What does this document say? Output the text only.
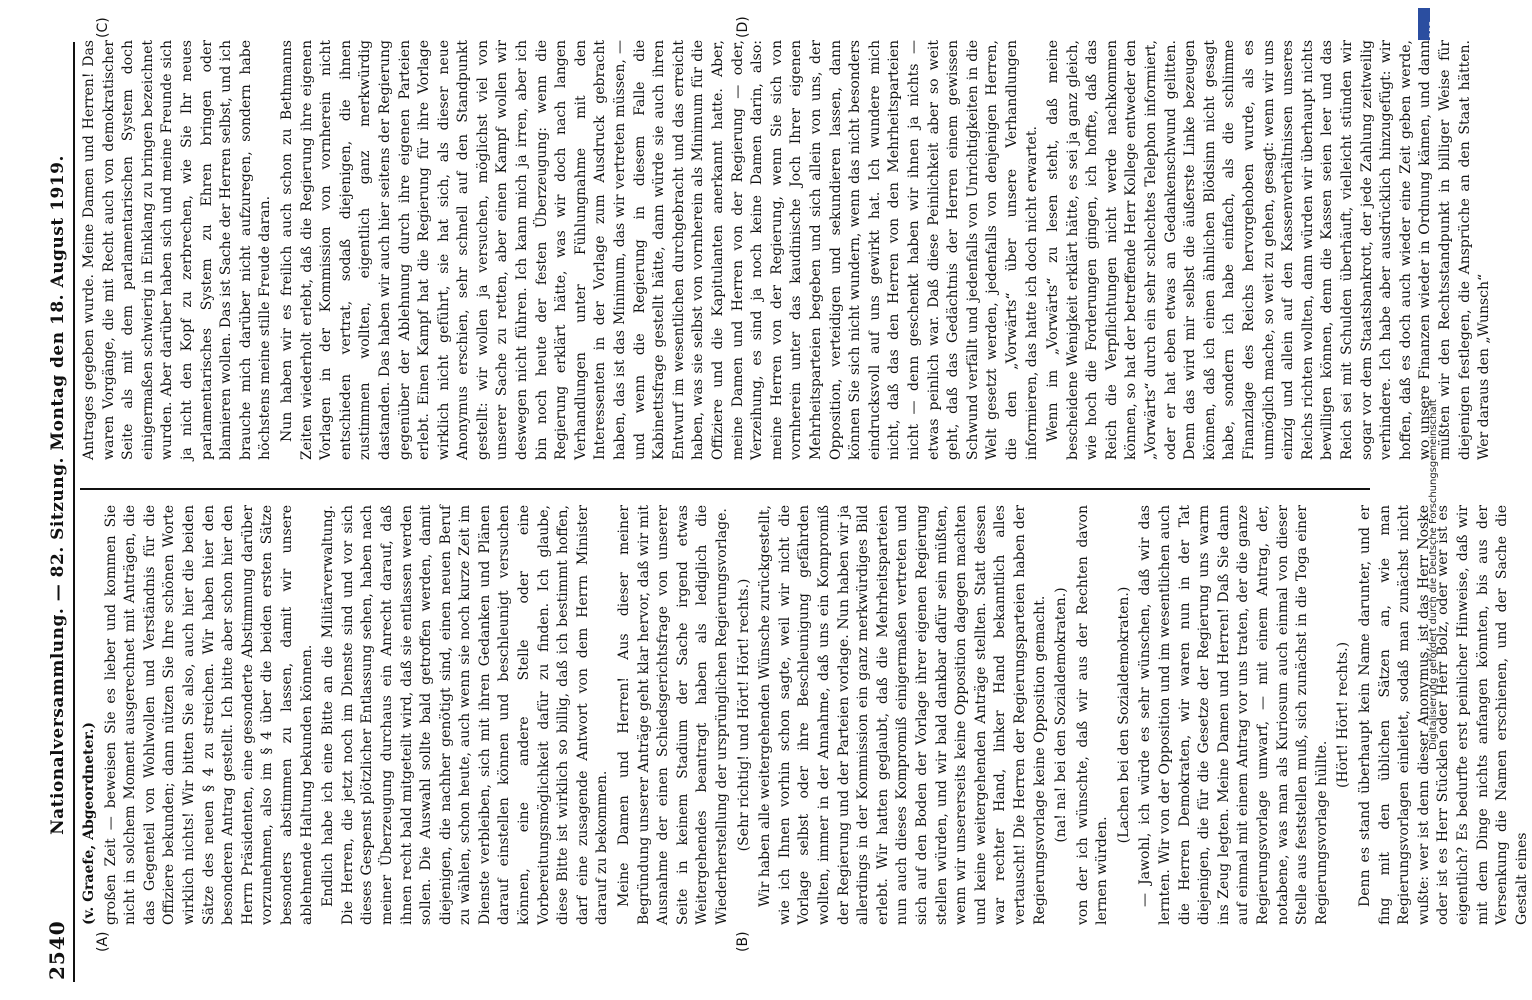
2540
Nationalversammlung. — 82. Sitzung. Montag den 18. August 1919.
(A)	(B)
(C)	(D)

(v. Graefe, Abgeordneter.) großen Zeit — beweisen Sie es lieber und kommen Sie nicht in solchem Moment ausgerechnet mit Anträgen, die das Gegenteil von Wohlwollen und Verständnis für die Offiziere bekunden; dann nützen Sie Ihre schönen Worte wirklich nichts! Wir bitten Sie also, auch hier die beiden Sätze des neuen § 4 zu streichen. Wir haben hier den besonderen Antrag gestellt. Ich bitte aber schon hier den Herrn Präsidenten, eine gesonderte Abstimmung darüber vorzunehmen, also im § 4 über die beiden ersten Sätze besonders abstimmen zu lassen, damit wir unsere ablehnende Haltung bekunden können. Endlich habe ich eine Bitte an die Militärverwaltung. Die Herren, die jetzt noch im Dienste sind und vor sich dieses Gespenst plötzlicher Entlassung sehen, haben nach meiner Überzeugung durchaus ein Anrecht darauf, daß ihnen recht bald mitgeteilt wird, daß sie entlassen werden sollen. Die Auswahl sollte bald getroffen werden, damit diejenigen, die nachher genötigt sind, einen neuen Beruf zu wählen, schon heute, auch wenn sie noch kurze Zeit im Dienste verbleiben, sich mit ihren Gedanken und Plänen darauf einstellen können und beschleunigt versuchen können, eine andere Stelle oder eine Vorbereitungsmöglichkeit dafür zu finden. Ich glaube, diese Bitte ist wirklich so billig, daß ich bestimmt hoffen, darf eine zusagende Antwort von dem Herrn Minister darauf zu bekommen. Meine Damen und Herren! Aus dieser meiner Begründung unserer Anträge geht klar hervor, daß wir mit Ausnahme der einen Schiedsgerichtsfrage von unserer Seite in keinem Stadium der Sache irgend etwas Weitergehendes beantragt haben als lediglich die Wiederherstellung der ursprünglichen Regierungsvorlage. (Sehr richtig! und Hört! Hört! rechts.) Wir haben alle weitergehenden Wünsche zurückgestellt, wie ich Ihnen vorhin schon sagte, weil wir nicht die Vorlage selbst oder ihre Beschleunigung gefährden wollten, immer in der Annahme, daß uns ein Kompromiß der Regierung und der Parteien vorlage. Nun haben wir ja allerdings in der Kommission ein ganz merkwürdiges Bild erlebt. Wir hatten geglaubt, daß die Mehrheitsparteien nun auch dieses Kompromiß einigermaßen vertreten und sich auf den Boden der Vorlage ihrer eigenen Regierung stellen würden, und wir bald dankbar dafür sein müßten, wenn wir unsererseits keine Opposition dagegen machten und keine weitergehenden Anträge stellten. Statt dessen war rechter Hand, linker Hand bekanntlich alles vertauscht! Die Herren der Regierungsparteien haben der Regierungsvorlage keine Opposition gemacht. (na! na! bei den Sozialdemokraten.) von der ich wünschte, daß wir aus der Rechten davon lernen würden.

(Lachen bei den Sozialdemokraten.) — Jawohl, ich würde es sehr wünschen, daß wir das lernten. Wir von der Opposition und im wesentlichen auch die Herren Demokraten, wir waren nun in der Tat diejenigen, die für die Gesetze der Regierung uns warm ins Zeug legten. Meine Damen und Herren! Daß Sie dann auf einmal mit einem Antrag vor uns traten, der die ganze Regierungsvorlage umwarf, — mit einem Antrag, der, notabene, was man als Kuriosum auch einmal von dieser Stelle aus feststellen muß, sich zunächst in die Toga einer Regierungsvorlage hüllte.

(Hört! Hört! rechts.) Denn es stand überhaupt kein Name darunter, und er fing mit den üblichen Sätzen an, wie man Regierungsvorlagen einleitet, sodaß man zunächst nicht wußte: wer ist denn dieser Anonymus, ist das Herr Noske oder ist es Herr Stücklen oder Herr Bolz, oder wer ist es eigentlich? Es bedurfte erst peinlicher Hinweise, daß wir mit dem Dinge nichts anfangen könnten, bis aus der Versenkung die Namen erschienen, und der Sache die Gestalt eines

Antrages gegeben wurde. Meine Damen und Herren! Das waren Vorgänge, die mit Recht auch von demokratischer Seite als mit dem parlamentarischen System doch einigermaßen schwierig in Einklang zu bringen bezeichnet wurden. Aber darüber haben sich und meine Freunde sich ja nicht den Kopf zu zerbrechen, wie Sie Ihr neues parlamentarisches System zu Ehren bringen oder blamieren wollen. Das ist Sache der Herren selbst, und ich brauche mich darüber nicht aufzuregen, sondern habe höchstens meine stille Freude daran. Nun haben wir es freilich auch schon zu Bethmanns Zeiten wiederholt erlebt, daß die Regierung ihre eigenen Vorlagen in der Kommission von vornherein nicht entschieden vertrat, sodaß diejenigen, die ihnen zustimmen wollten, eigentlich ganz merkwürdig dastanden. Das haben wir auch hier seitens der Regierung gegenüber der Ablehnung durch ihre eigenen Parteien erlebt. Einen Kampf hat die Regierung für ihre Vorlage wirklich nicht geführt, sie hat sich, als dieser neue Anonymus erschien, sehr schnell auf den Standpunkt gestellt: wir wollen ja versuchen, möglichst viel von unserer Sache zu retten, aber einen Kampf wollen wir deswegen nicht führen. Ich kann mich ja irren, aber ich bin noch heute der festen Überzeugung: wenn die Regierung erklärt hätte, was wir doch nach langen Verhandlungen unter Fühlungnahme mit den Interessenten in der Vorlage zum Ausdruck gebracht haben, das ist das Minimum, das wir vertreten müssen, — und wenn die Regierung in diesem Falle die Kabinettsfrage gestellt hätte, dann würde sie auch ihren Entwurf im wesentlichen durchgebracht und das erreicht haben, was sie selbst von vornherein als Minimum für die Offiziere und die Kapitulanten anerkannt hatte. Aber, meine Damen und Herren von der Regierung — oder, Verzeihung, es sind ja noch keine Damen darin, also: meine Herren von der Regierung, wenn Sie sich von vornherein unter das kaudinische Joch Ihrer eigenen Mehrheitsparteien begeben und sich allein von uns, der Opposition, verteidigen und sekundieren lassen, dann können Sie sich nicht wundern, wenn das nicht besonders eindrucksvoll auf uns gewirkt hat. Ich wundere mich nicht, daß das den Herren von den Mehrheitsparteien nicht — denn geschenkt haben wir ihnen ja nichts — etwas peinlich war. Daß diese Peinlichkeit aber so weit geht, daß das Gedächtnis der Herren einem gewissen Schwund verfällt und jedenfalls von Unrichtigkeiten in die Welt gesetzt werden, jedenfalls von denjenigen Herren, die den „Vorwärts“ über unsere Verhandlungen informieren, das hatte ich doch nicht erwartet. Wenn im „Vorwärts“ zu lesen steht, daß meine bescheidene Wenigkeit erklärt hätte, es sei ja ganz gleich, wie hoch die Forderungen gingen, ich hoffte, daß das Reich die Verpflichtungen nicht werde nachkommen können, so hat der betreffende Herr Kollege entweder den „Vorwärts“ durch ein sehr schlechtes Telephon informiert, oder er hat eben etwas an Gedankenschwund gelitten. Denn das wird mir selbst die äußerste Linke bezeugen können, daß ich einen ähnlichen Blödsinn nicht gesagt habe, sondern ich habe einfach, als die schlimme Finanzlage des Reichs hervorgehoben wurde, als es unmöglich mache, so weit zu gehen, gesagt: wenn wir uns einzig und allein auf den Kassenverhältnissen unseres Reichs richten wollten, dann würden wir überhaupt nichts bewilligen können, denn die Kassen seien leer und das Reich sei mit Schulden überhäuft, vielleicht stünden wir sogar vor dem Staatsbankrott, der jede Zahlung zeitweilig verhindere. Ich habe aber ausdrücklich hinzugefügt: wir hoffen, daß es doch auch wieder eine Zeit geben werde, wo unsere Finanzen wieder in Ordnung kämen, und dann müßten wir den Rechtsstandpunkt in billiger Weise für diejenigen festlegen, die Ansprüche an den Staat hätten. Wer daraus den „Wunsch“

DFG
Digitalisierung gefördert durch die Deutsche Forschungsgemeinschaft
